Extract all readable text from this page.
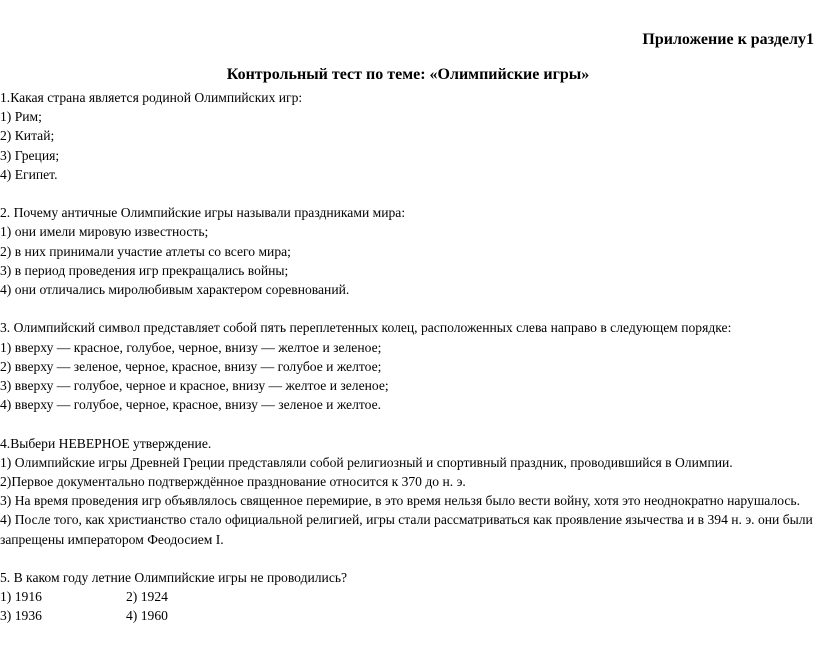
Приложение к разделу1
Контрольный тест по теме: «Олимпийские игры»
1.Какая страна является родиной Олимпийских игр:
1) Рим;
2) Китай;
3) Греция;
4) Египет.
2. Почему античные Олимпийские игры называли праздниками мира:
1) они имели мировую известность;
2) в них принимали участие атлеты со всего мира;
3) в период проведения игр прекращались войны;
4) они отличались миролюбивым характером соревнований.
3. Олимпийский символ представляет собой пять переплетенных колец, расположенных слева направо в следующем порядке:
1) вверху — красное, голубое, черное, внизу — желтое и зеленое;
2) вверху — зеленое, черное, красное, внизу — голубое и желтое;
3) вверху — голубое, черное и красное, внизу — желтое и зеленое;
4) вверху — голубое, черное, красное, внизу — зеленое и желтое.
4.Выбери НЕВЕРНОЕ утверждение.
1) Олимпийские игры Древней Греции представляли собой религиозный и спортивный праздник, проводившийся в Олимпии.
2)Первое документально подтверждённое празднование относится к 370 до н. э.
3) На время проведения игр объявлялось священное перемирие, в это время нельзя было вести войну, хотя это неоднократно нарушалось.
4) После того, как христианство стало официальной религией, игры стали рассматриваться как проявление язычества и в 394 н. э. они были запрещены императором Феодосием I.
5. В каком году летние Олимпийские игры не проводились?
1) 1916	2) 1924
3) 1936	4) 1960
